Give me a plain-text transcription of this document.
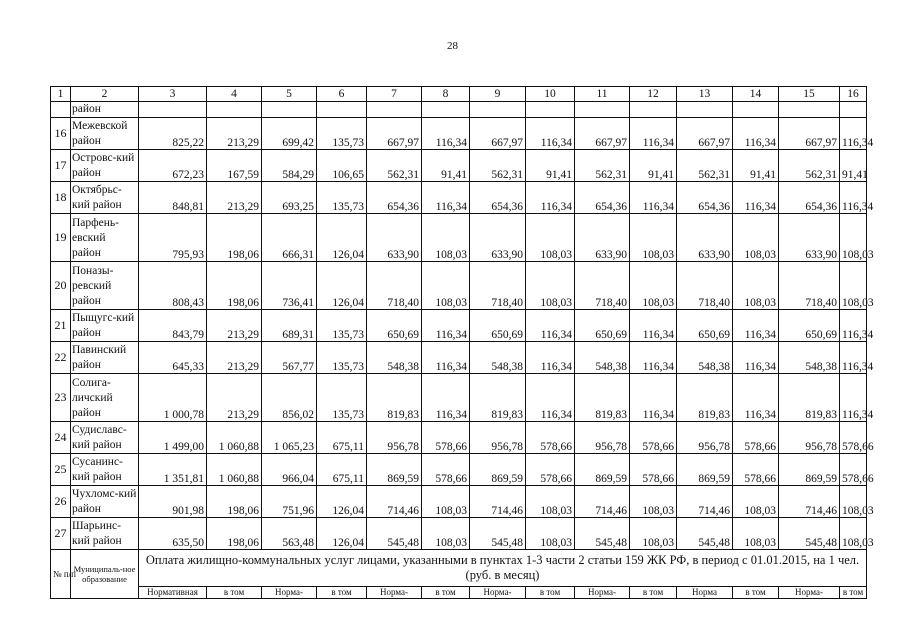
28
1	2	3	4	5	6	7	8	9	10	11	12	13	14	15	16
	район														
16	Межевской район	825,22	213,29	699,42	135,73	667,97	116,34	667,97	116,34	667,97	116,34	667,97	116,34	667,97	116,34
17	Островс-кий район	672,23	167,59	584,29	106,65	562,31	91,41	562,31	91,41	562,31	91,41	562,31	91,41	562,31	91,41
18	Октябрьс-кий район	848,81	213,29	693,25	135,73	654,36	116,34	654,36	116,34	654,36	116,34	654,36	116,34	654,36	116,34
19	Парфень-евский район	795,93	198,06	666,31	126,04	633,90	108,03	633,90	108,03	633,90	108,03	633,90	108,03	633,90	108,03
20	Поназы-ревский район	808,43	198,06	736,41	126,04	718,40	108,03	718,40	108,03	718,40	108,03	718,40	108,03	718,40	108,03
21	Пыщугс-кий район	843,79	213,29	689,31	135,73	650,69	116,34	650,69	116,34	650,69	116,34	650,69	116,34	650,69	116,34
22	Павинский район	645,33	213,29	567,77	135,73	548,38	116,34	548,38	116,34	548,38	116,34	548,38	116,34	548,38	116,34
23	Солига-личский район	1 000,78	213,29	856,02	135,73	819,83	116,34	819,83	116,34	819,83	116,34	819,83	116,34	819,83	116,34
24	Судиславс-кий район	1 499,00	1 060,88	1 065,23	675,11	956,78	578,66	956,78	578,66	956,78	578,66	956,78	578,66	956,78	578,66
25	Сусанинс-кий район	1 351,81	1 060,88	966,04	675,11	869,59	578,66	869,59	578,66	869,59	578,66	869,59	578,66	869,59	578,66
26	Чухломс-кий район	901,98	198,06	751,96	126,04	714,46	108,03	714,46	108,03	714,46	108,03	714,46	108,03	714,46	108,03
27	Шарьинс-кий район	635,50	198,06	563,48	126,04	545,48	108,03	545,48	108,03	545,48	108,03	545,48	108,03	545,48	108,03
№ п/п	Муниципаль-ное образование	Оплата жилищно-коммунальных услуг лицами, указанными в пунктах 1-3 части 2 статьи 159 ЖК РФ, в период с 01.01.2015, на 1 чел. (руб. в месяц)													
		Нормативная	в том	Норма-	в том	Норма-	в том	Норма-	в том	Норма-	в том	Норма	в том	Норма-	в том
